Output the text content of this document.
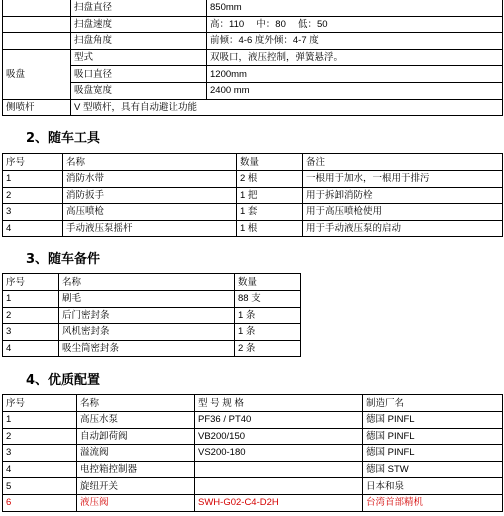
	扫盘直径	850mm
	扫盘速度	高：110　 中：80　 低：50
	扫盘角度	前倾：4-6 度外倾：4-7 度
吸盘	型式	双吸口，液压控制，弹簧悬浮。
	吸口直径	1200mm
	吸盘宽度	2400 mm
侧喷杆	V 型喷杆，具有自动避让功能	
2、随车工具
序号	名称	数量	备注
1	消防水带	2 根	一根用于加水，一根用于排污
2	消防扳手	1 把	用于拆卸消防栓
3	高压喷枪	1 套	用于高压喷枪使用
4	手动液压泵摇杆	1 根	用于手动液压泵的启动
3、随车备件
序号	名称	数量
1	刷毛	88 支
2	后门密封条	1 条
3	风机密封条	1 条
4	吸尘筒密封条	2 条
4、优质配置
序号	名称	型 号 规 格	制造厂名
1	高压水泵	PF36 / PT40	德国 PINFL
2	自动卸荷阀	VB200/150	德国 PINFL
3	溢流阀	VS200-180	德国 PINFL
4	电控箱控制器		德国 STW
5	旋纽开关		日本和泉
6	液压阀	SWH-G02-C4-D2H	台湾首部精机
